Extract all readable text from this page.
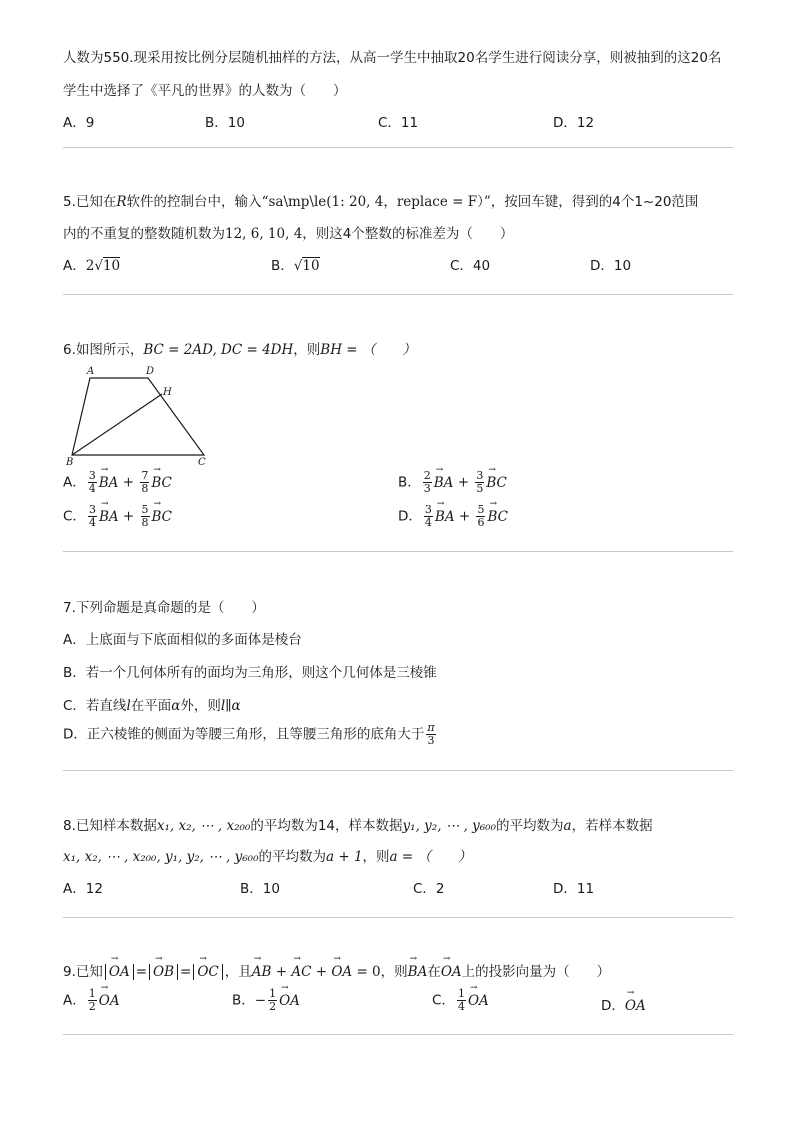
人数为550.现采用按比例分层随机抽样的方法，从高一学生中抽取20名学生进行阅读分享，则被抽到的这20名
学生中选择了《平凡的世界》的人数为（　　）
A．9	B．10	C．11	D．12
5.已知在R软件的控制台中，输入“sa\mp\le(1: 20, 4，replace = F）”，按回车键，得到的4个1~20范围
内的不重复的整数随机数为12, 6, 10, 4，则这4个整数的标准差为（　　）
A．2√10	B．√10	C．40	D．10
6.如图所示，BC = 2AD, DC = 4DH，则BH = （　　）
A	D
H
B	C
A． $\frac{3}{4}$ → BA + $\frac{7}{8}$ → BC	B． $\frac{2}{3}$ → BA + $\frac{3}{5}$ → BC
C． $\frac{3}{4}$ → BA + $\frac{5}{8}$ → BC	D． $\frac{3}{4}$ → BA + $\frac{5}{6}$ → BC
7.下列命题是真命题的是（　　）
A．上底面与下底面相似的多面体是棱台
B．若一个几何体所有的面均为三角形，则这个几何体是三棱锥
C．若直线l在平面α外，则l∥α
D．正六棱锥的侧面为等腰三角形，且等腰三角形的底角大于 $\frac{\pi}{3}$
8.已知样本数据x₁, x₂, ⋯ , x₂₀₀的平均数为14，样本数据y₁, y₂, ⋯ , y₆₀₀的平均数为a，若样本数据
x₁, x₂, ⋯ , x₂₀₀, y₁, y₂, ⋯ , y₆₀₀的平均数为a + 1，则a = （　　）
A．12	B．10	C．2	D．11
9.已知 → OA = → OB = → OC ，且→ AB + → AC + → OA = 0，则→ BA在→ OA上的投影向量为（　　）
A． $\frac{1}{2}$ → OA	B．− $\frac{1}{2}$ → OA	C． $\frac{1}{4}$ → OA	D．→ OA
